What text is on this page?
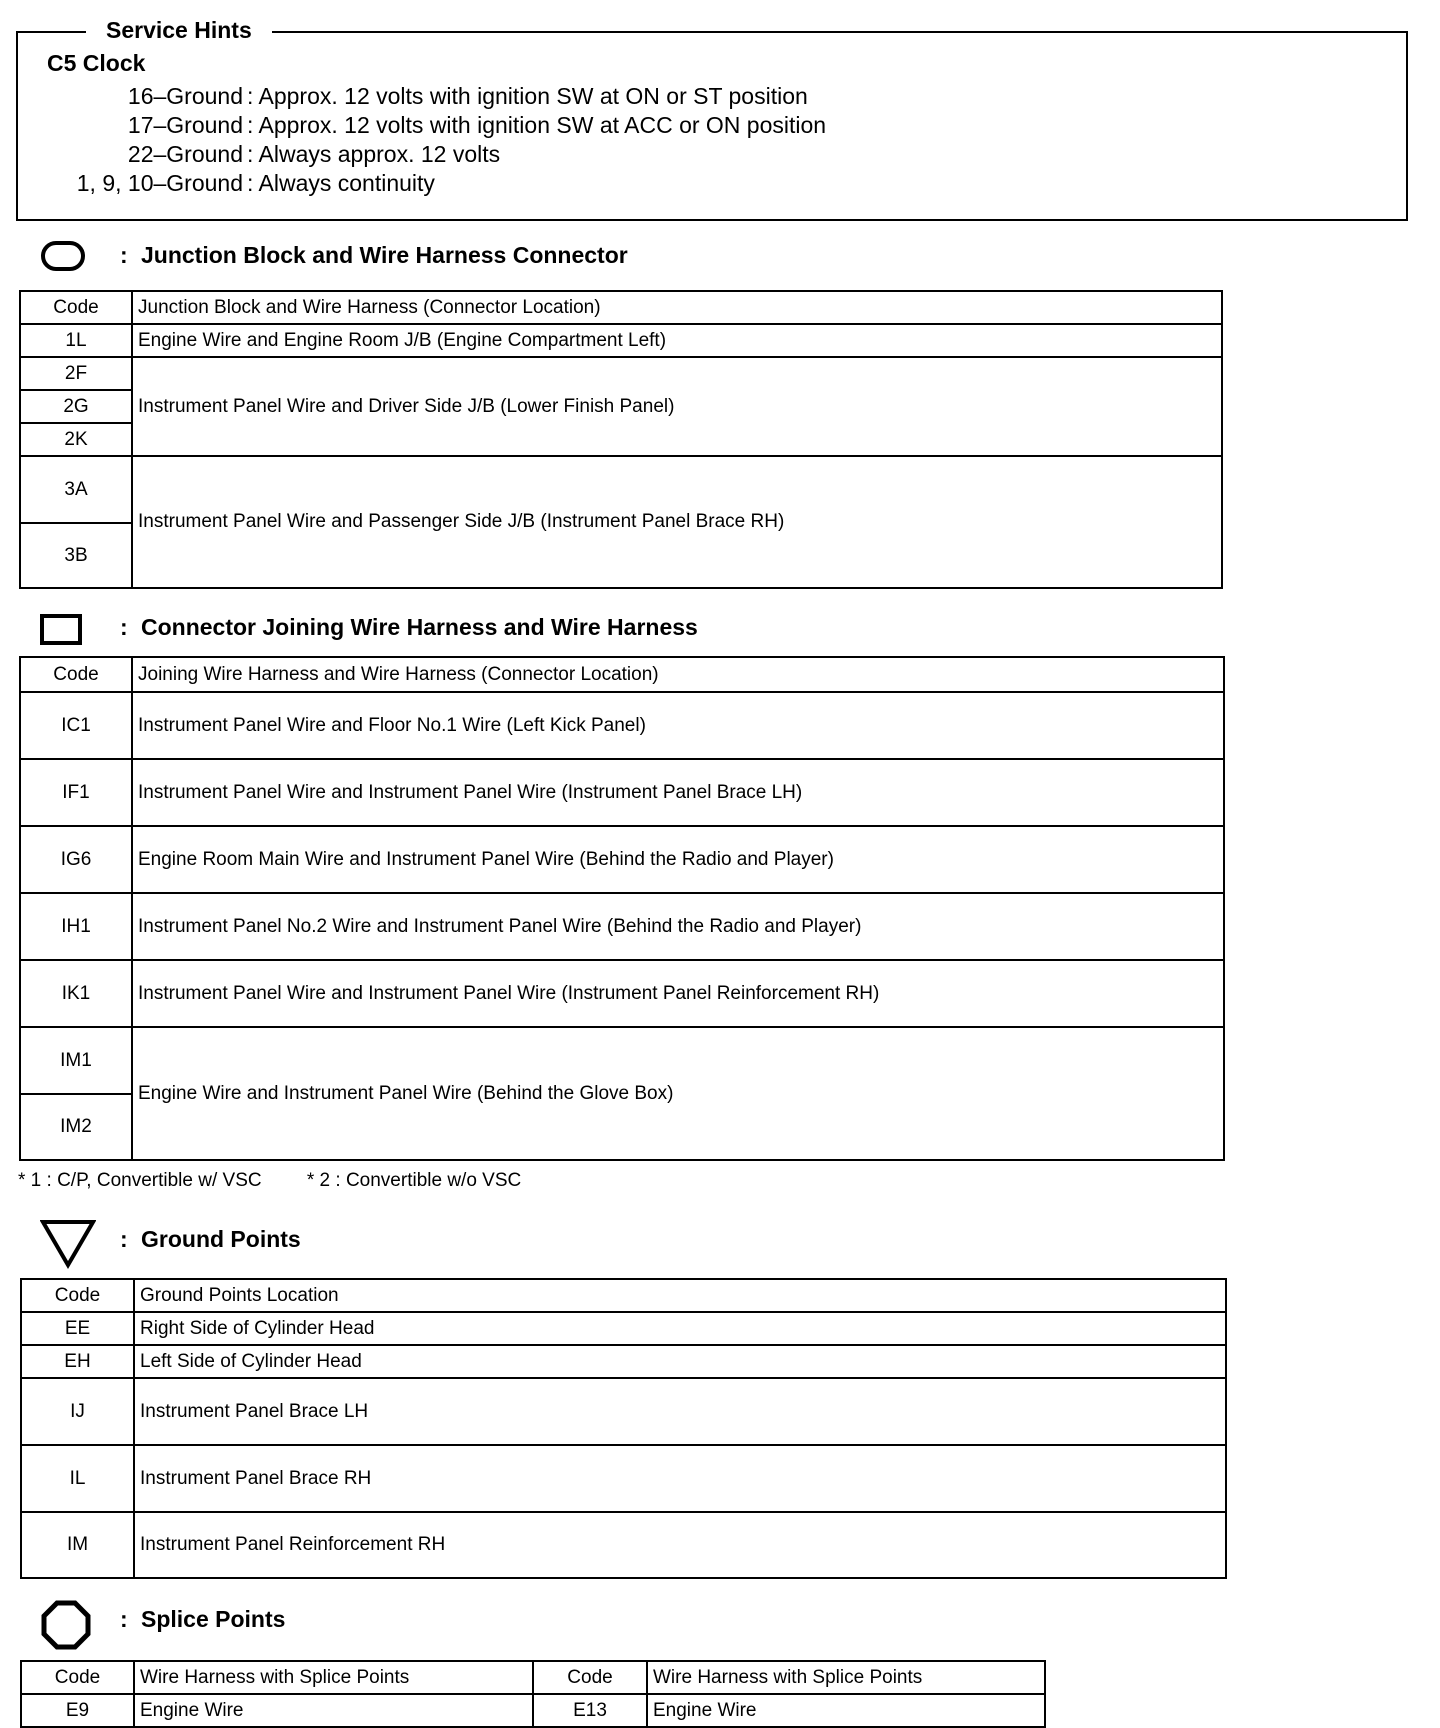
Service Hints
C5 Clock
16–Ground : Approx. 12 volts with ignition SW at ON or ST position
17–Ground : Approx. 12 volts with ignition SW at ACC or ON position
22–Ground : Always approx. 12 volts
1, 9, 10–Ground : Always continuity
: Junction Block and Wire Harness Connector
Code	Junction Block and Wire Harness (Connector Location)
1L	Engine Wire and Engine Room J/B (Engine Compartment Left)
2F	Instrument Panel Wire and Driver Side J/B (Lower Finish Panel)
2G	
2K	
3A	Instrument Panel Wire and Passenger Side J/B (Instrument Panel Brace RH)
3B	
: Connector Joining Wire Harness and Wire Harness
Code	Joining Wire Harness and Wire Harness (Connector Location)
IC1	Instrument Panel Wire and Floor No.1 Wire (Left Kick Panel)
IF1	Instrument Panel Wire and Instrument Panel Wire (Instrument Panel Brace LH)
IG6	Engine Room Main Wire and Instrument Panel Wire (Behind the Radio and Player)
IH1	Instrument Panel No.2 Wire and Instrument Panel Wire (Behind the Radio and Player)
IK1	Instrument Panel Wire and Instrument Panel Wire (Instrument Panel Reinforcement RH)
IM1	Engine Wire and Instrument Panel Wire (Behind the Glove Box)
IM2	
* 1 : C/P, Convertible w/ VSC * 2 : Convertible w/o VSC
: Ground Points
Code	Ground Points Location
EE	Right Side of Cylinder Head
EH	Left Side of Cylinder Head
IJ	Instrument Panel Brace LH
IL	Instrument Panel Brace RH
IM	Instrument Panel Reinforcement RH
: Splice Points
Code	Wire Harness with Splice Points	Code	Wire Harness with Splice Points
E9	Engine Wire	E13	Engine Wire
